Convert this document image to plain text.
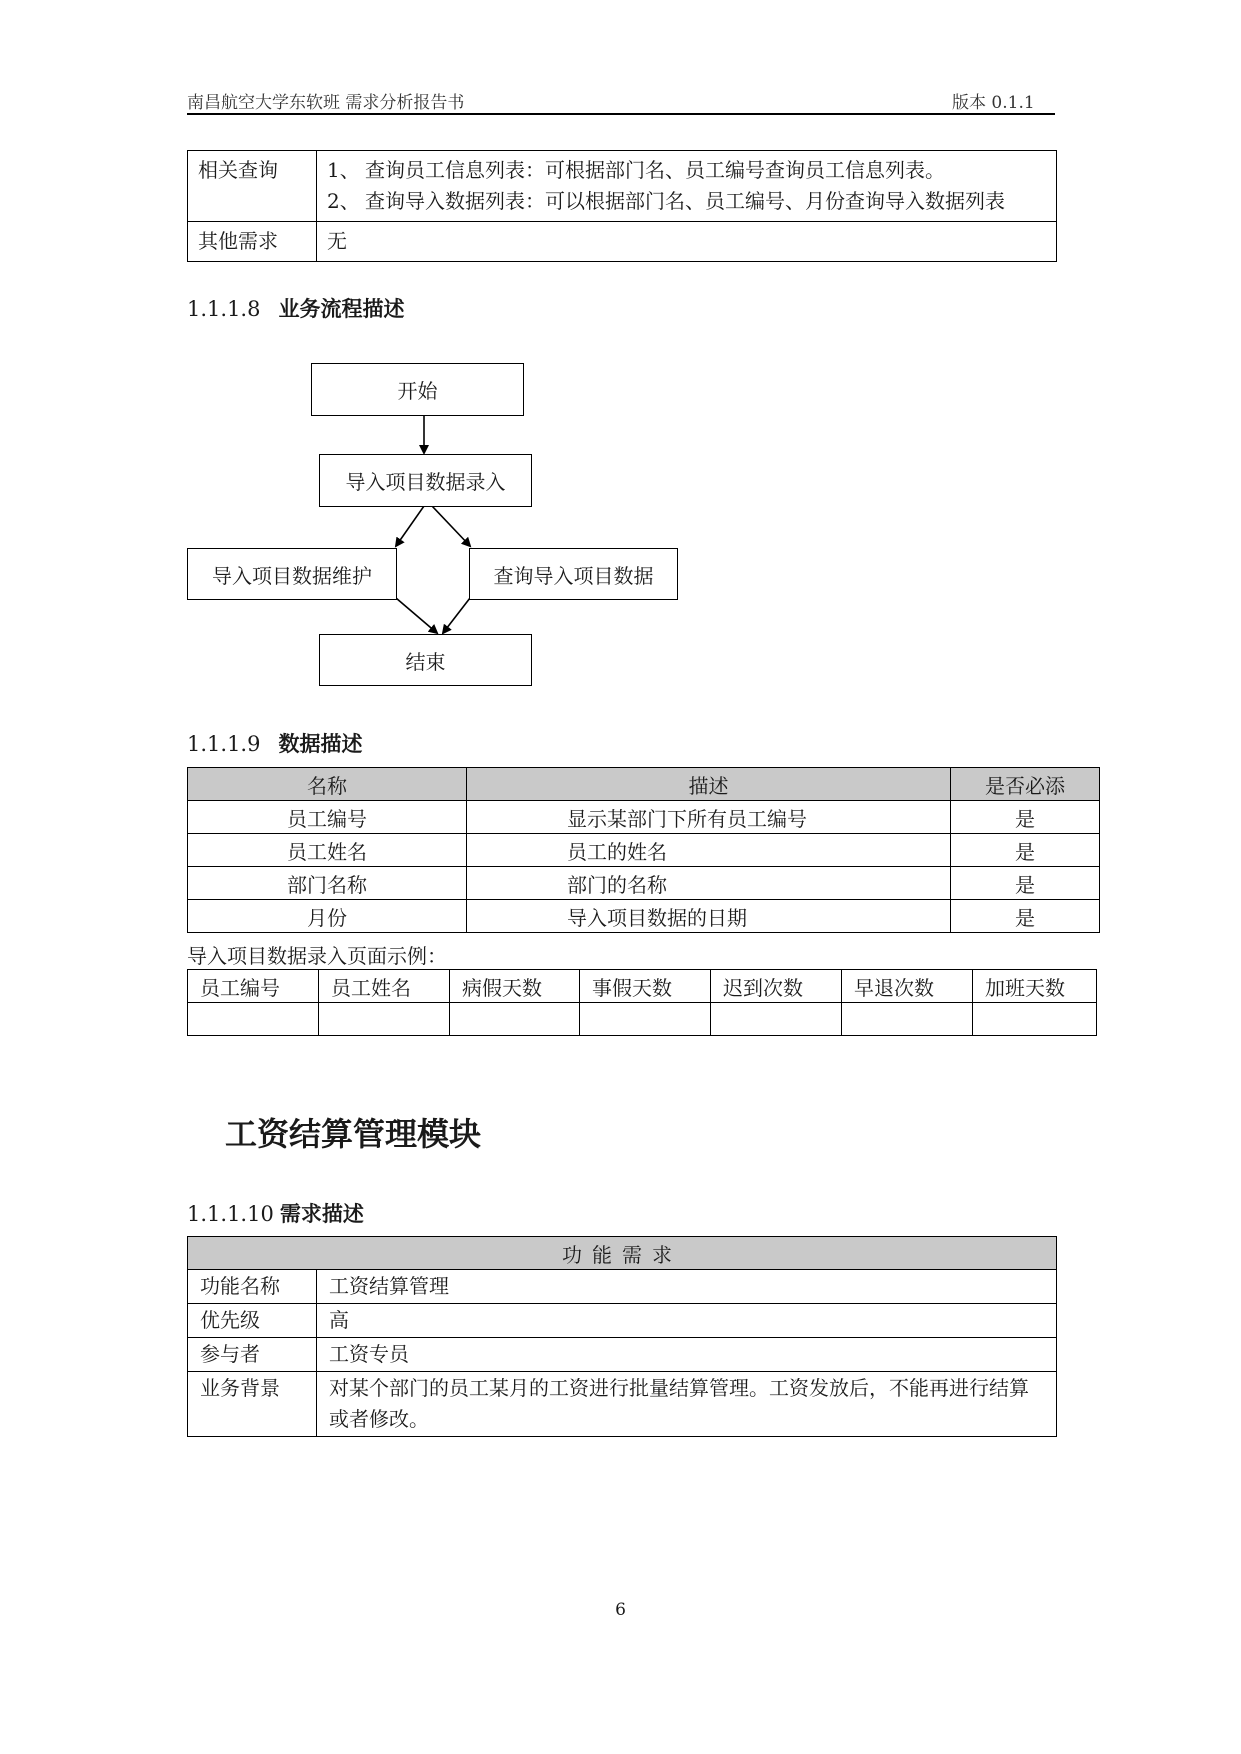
南昌航空大学东软班 需求分析报告书	版本 0.1.1
相关查询	1、 查询员工信息列表：可根据部门名、员工编号查询员工信息列表。
2、 查询导入数据列表：可以根据部门名、员工编号、月份查询导入数据列表

其他需求	无
1.1.1.8 业务流程描述
开始
导入项目数据录入
导入项目数据维护	查询导入项目数据
结束
1.1.1.9 数据描述
名称	描述	是否必添
员工编号	显示某部门下所有员工编号	是
员工姓名	员工的姓名	是
部门名称	部门的名称	是
月份	导入项目数据的日期	是
导入项目数据录入页面示例：
员工编号	员工姓名	病假天数	事假天数	迟到次数	早退次数	加班天数

工资结算管理模块
1.1.1.10 需求描述
功能需求	
功能名称	工资结算管理
优先级	高
参与者	工资专员
业务背景	对某个部门的员工某月的工资进行批量结算管理。工资发放后，不能再进行结算或者修改。
6
